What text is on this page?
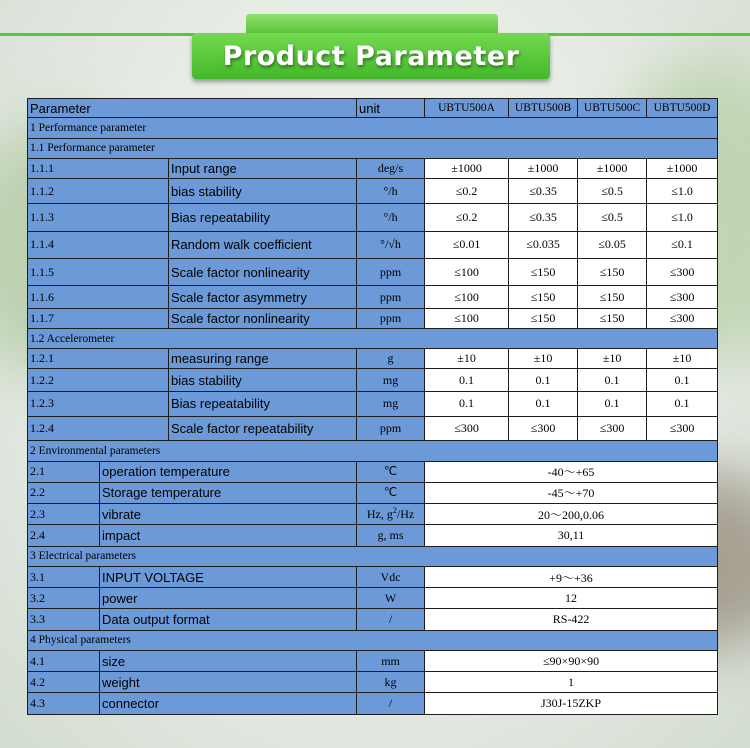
Product Parameter
Parameter			unit	UBTU500A	UBTU500B	UBTU500C	UBTU500D
1 Performance parameter							
1.1 Performance parameter							
1.1.1		Input range	deg/s	±1000	±1000	±1000	±1000
1.1.2		bias stability	°/h	≤0.2	≤0.35	≤0.5	≤1.0
1.1.3		Bias repeatability	°/h	≤0.2	≤0.35	≤0.5	≤1.0
1.1.4		Random walk coefficient	°/√h	≤0.01	≤0.035	≤0.05	≤0.1
1.1.5		Scale factor nonlinearity	ppm	≤100	≤150	≤150	≤300
1.1.6		Scale factor asymmetry	ppm	≤100	≤150	≤150	≤300
1.1.7		Scale factor nonlinearity	ppm	≤100	≤150	≤150	≤300
1.2 Accelerometer							
1.2.1		measuring range	g	±10	±10	±10	±10
1.2.2		bias stability	mg	0.1	0.1	0.1	0.1
1.2.3		Bias repeatability	mg	0.1	0.1	0.1	0.1
1.2.4		Scale factor repeatability	ppm	≤300	≤300	≤300	≤300
2 Environmental parameters							
2.1	operation temperature		℃	-40～+65			
2.2	Storage temperature		℃	-45～+70			
2.3	vibrate		Hz, $g^2/Hz$	20～200,0.06			
2.4	impact		g, ms	30,11			
3 Electrical parameters							
3.1	INPUT VOLTAGE		Vdc	+9～+36			
3.2	power		W	12			
3.3	Data output format		/	RS-422			
4 Physical parameters							
4.1	size		mm	≤90×90×90			
4.2	weight		kg	1			
4.3	connector		/	J30J-15ZKP			
